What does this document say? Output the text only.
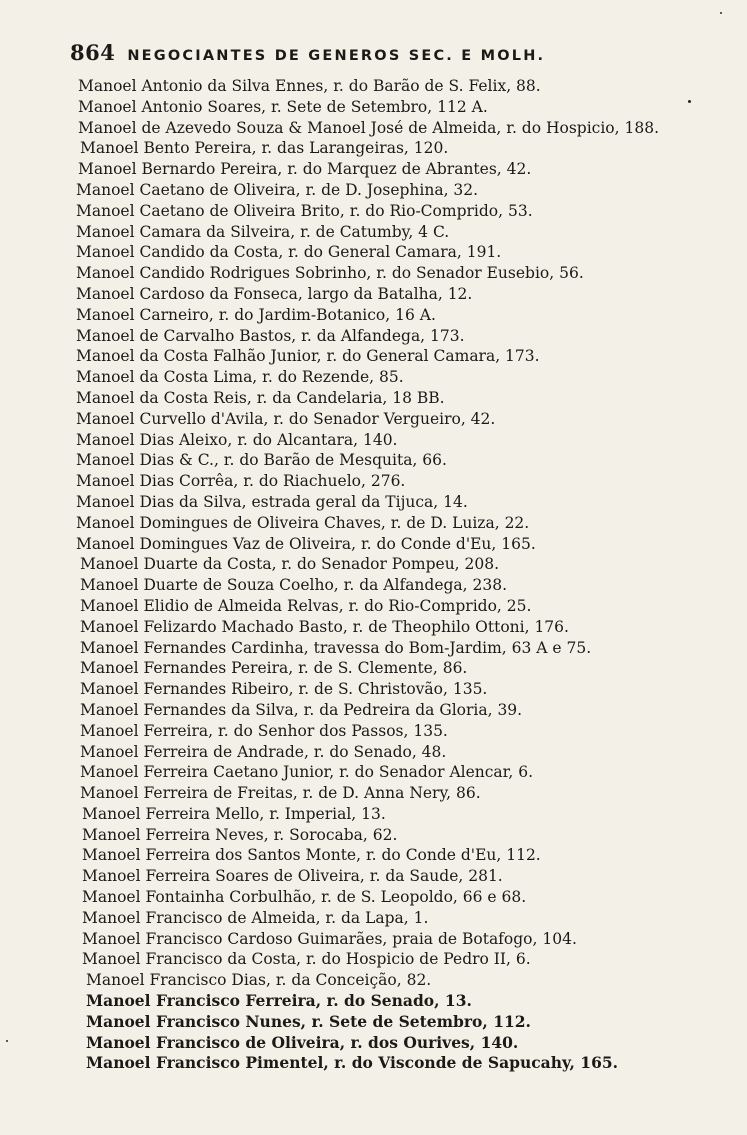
864 NEGOCIANTES DE GENEROS SEC. E MOLH.
Manoel Antonio da Silva Ennes, r. do Barão de S. Felix, 88.
Manoel Antonio Soares, r. Sete de Setembro, 112 A.
Manoel de Azevedo Souza & Manoel José de Almeida, r. do Hospicio, 188.
Manoel Bento Pereira, r. das Larangeiras, 120.
Manoel Bernardo Pereira, r. do Marquez de Abrantes, 42.
Manoel Caetano de Oliveira, r. de D. Josephina, 32.
Manoel Caetano de Oliveira Brito, r. do Rio-Comprido, 53.
Manoel Camara da Silveira, r. de Catumby, 4 C.
Manoel Candido da Costa, r. do General Camara, 191.
Manoel Candido Rodrigues Sobrinho, r. do Senador Eusebio, 56.
Manoel Cardoso da Fonseca, largo da Batalha, 12.
Manoel Carneiro, r. do Jardim-Botanico, 16 A.
Manoel de Carvalho Bastos, r. da Alfandega, 173.
Manoel da Costa Falhão Junior, r. do General Camara, 173.
Manoel da Costa Lima, r. do Rezende, 85.
Manoel da Costa Reis, r. da Candelaria, 18 BB.
Manoel Curvello d'Avila, r. do Senador Vergueiro, 42.
Manoel Dias Aleixo, r. do Alcantara, 140.
Manoel Dias & C., r. do Barão de Mesquita, 66.
Manoel Dias Corrêa, r. do Riachuelo, 276.
Manoel Dias da Silva, estrada geral da Tijuca, 14.
Manoel Domingues de Oliveira Chaves, r. de D. Luiza, 22.
Manoel Domingues Vaz de Oliveira, r. do Conde d'Eu, 165.
Manoel Duarte da Costa, r. do Senador Pompeu, 208.
Manoel Duarte de Souza Coelho, r. da Alfandega, 238.
Manoel Elidio de Almeida Relvas, r. do Rio-Comprido, 25.
Manoel Felizardo Machado Basto, r. de Theophilo Ottoni, 176.
Manoel Fernandes Cardinha, travessa do Bom-Jardim, 63 A e 75.
Manoel Fernandes Pereira, r. de S. Clemente, 86.
Manoel Fernandes Ribeiro, r. de S. Christovão, 135.
Manoel Fernandes da Silva, r. da Pedreira da Gloria, 39.
Manoel Ferreira, r. do Senhor dos Passos, 135.
Manoel Ferreira de Andrade, r. do Senado, 48.
Manoel Ferreira Caetano Junior, r. do Senador Alencar, 6.
Manoel Ferreira de Freitas, r. de D. Anna Nery, 86.
Manoel Ferreira Mello, r. Imperial, 13.
Manoel Ferreira Neves, r. Sorocaba, 62.
Manoel Ferreira dos Santos Monte, r. do Conde d'Eu, 112.
Manoel Ferreira Soares de Oliveira, r. da Saude, 281.
Manoel Fontainha Corbulhão, r. de S. Leopoldo, 66 e 68.
Manoel Francisco de Almeida, r. da Lapa, 1.
Manoel Francisco Cardoso Guimarães, praia de Botafogo, 104.
Manoel Francisco da Costa, r. do Hospicio de Pedro II, 6.
Manoel Francisco Dias, r. da Conceição, 82.
Manoel Francisco Ferreira, r. do Senado, 13.
Manoel Francisco Nunes, r. Sete de Setembro, 112.
Manoel Francisco de Oliveira, r. dos Ourives, 140.
Manoel Francisco Pimentel, r. do Visconde de Sapucahy, 165.
